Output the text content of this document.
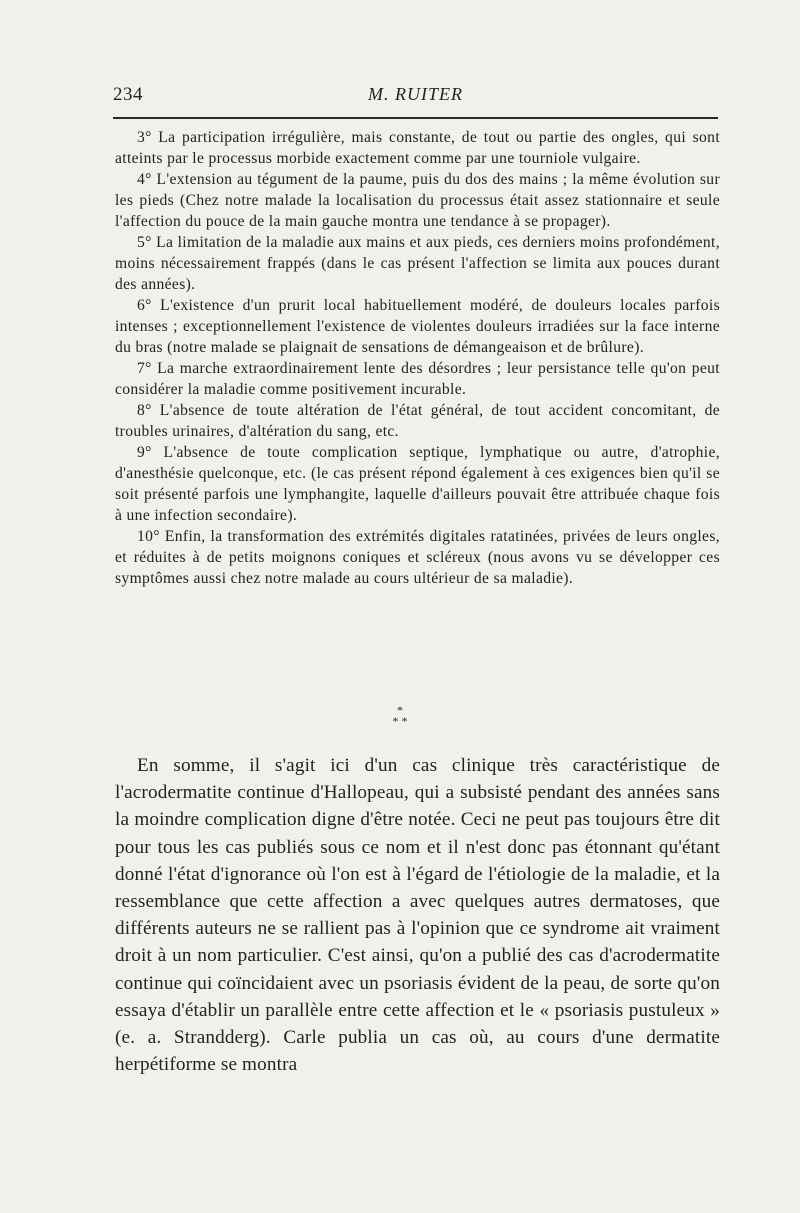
234	M. RUITER

3° La participation irrégulière, mais constante, de tout ou partie des ongles, qui sont atteints par le processus morbide exactement comme par une tourniole vulgaire.

4° L'extension au tégument de la paume, puis du dos des mains ; la même évolution sur les pieds (Chez notre malade la localisation du processus était assez stationnaire et seule l'affection du pouce de la main gauche montra une tendance à se propager).

5° La limitation de la maladie aux mains et aux pieds, ces derniers moins profondément, moins nécessairement frappés (dans le cas présent l'affection se limita aux pouces durant des années).

6° L'existence d'un prurit local habituellement modéré, de douleurs locales parfois intenses ; exceptionnellement l'existence de violentes douleurs irradiées sur la face interne du bras (notre malade se plaignait de sensations de démangeaison et de brûlure).

7° La marche extraordinairement lente des désordres ; leur persistance telle qu'on peut considérer la maladie comme positivement incurable.

8° L'absence de toute altération de l'état général, de tout accident concomitant, de troubles urinaires, d'altération du sang, etc.

9° L'absence de toute complication septique, lymphatique ou autre, d'atrophie, d'anesthésie quelconque, etc. (le cas présent répond également à ces exigences bien qu'il se soit présenté parfois une lymphangite, laquelle d'ailleurs pouvait être attribuée chaque fois à une infection secondaire).

10° Enfin, la transformation des extrémités digitales ratatinées, privées de leurs ongles, et réduites à de petits moignons coniques et scléreux (nous avons vu se développer ces symptômes aussi chez notre malade au cours ultérieur de sa maladie).

*
* *

En somme, il s'agit ici d'un cas clinique très caractéristique de l'acrodermatite continue d'Hallopeau, qui a subsisté pendant des années sans la moindre complication digne d'être notée. Ceci ne peut pas toujours être dit pour tous les cas publiés sous ce nom et il n'est donc pas étonnant qu'étant donné l'état d'ignorance où l'on est à l'égard de l'étiologie de la maladie, et la ressemblance que cette affection a avec quelques autres dermatoses, que différents auteurs ne se rallient pas à l'opinion que ce syndrome ait vraiment droit à un nom particulier. C'est ainsi, qu'on a publié des cas d'acrodermatite continue qui coïncidaient avec un psoriasis évident de la peau, de sorte qu'on essaya d'établir un parallèle entre cette affection et le « psoriasis pustuleux » (e. a. Strandderg). Carle publia un cas où, au cours d'une dermatite herpétiforme se montra
